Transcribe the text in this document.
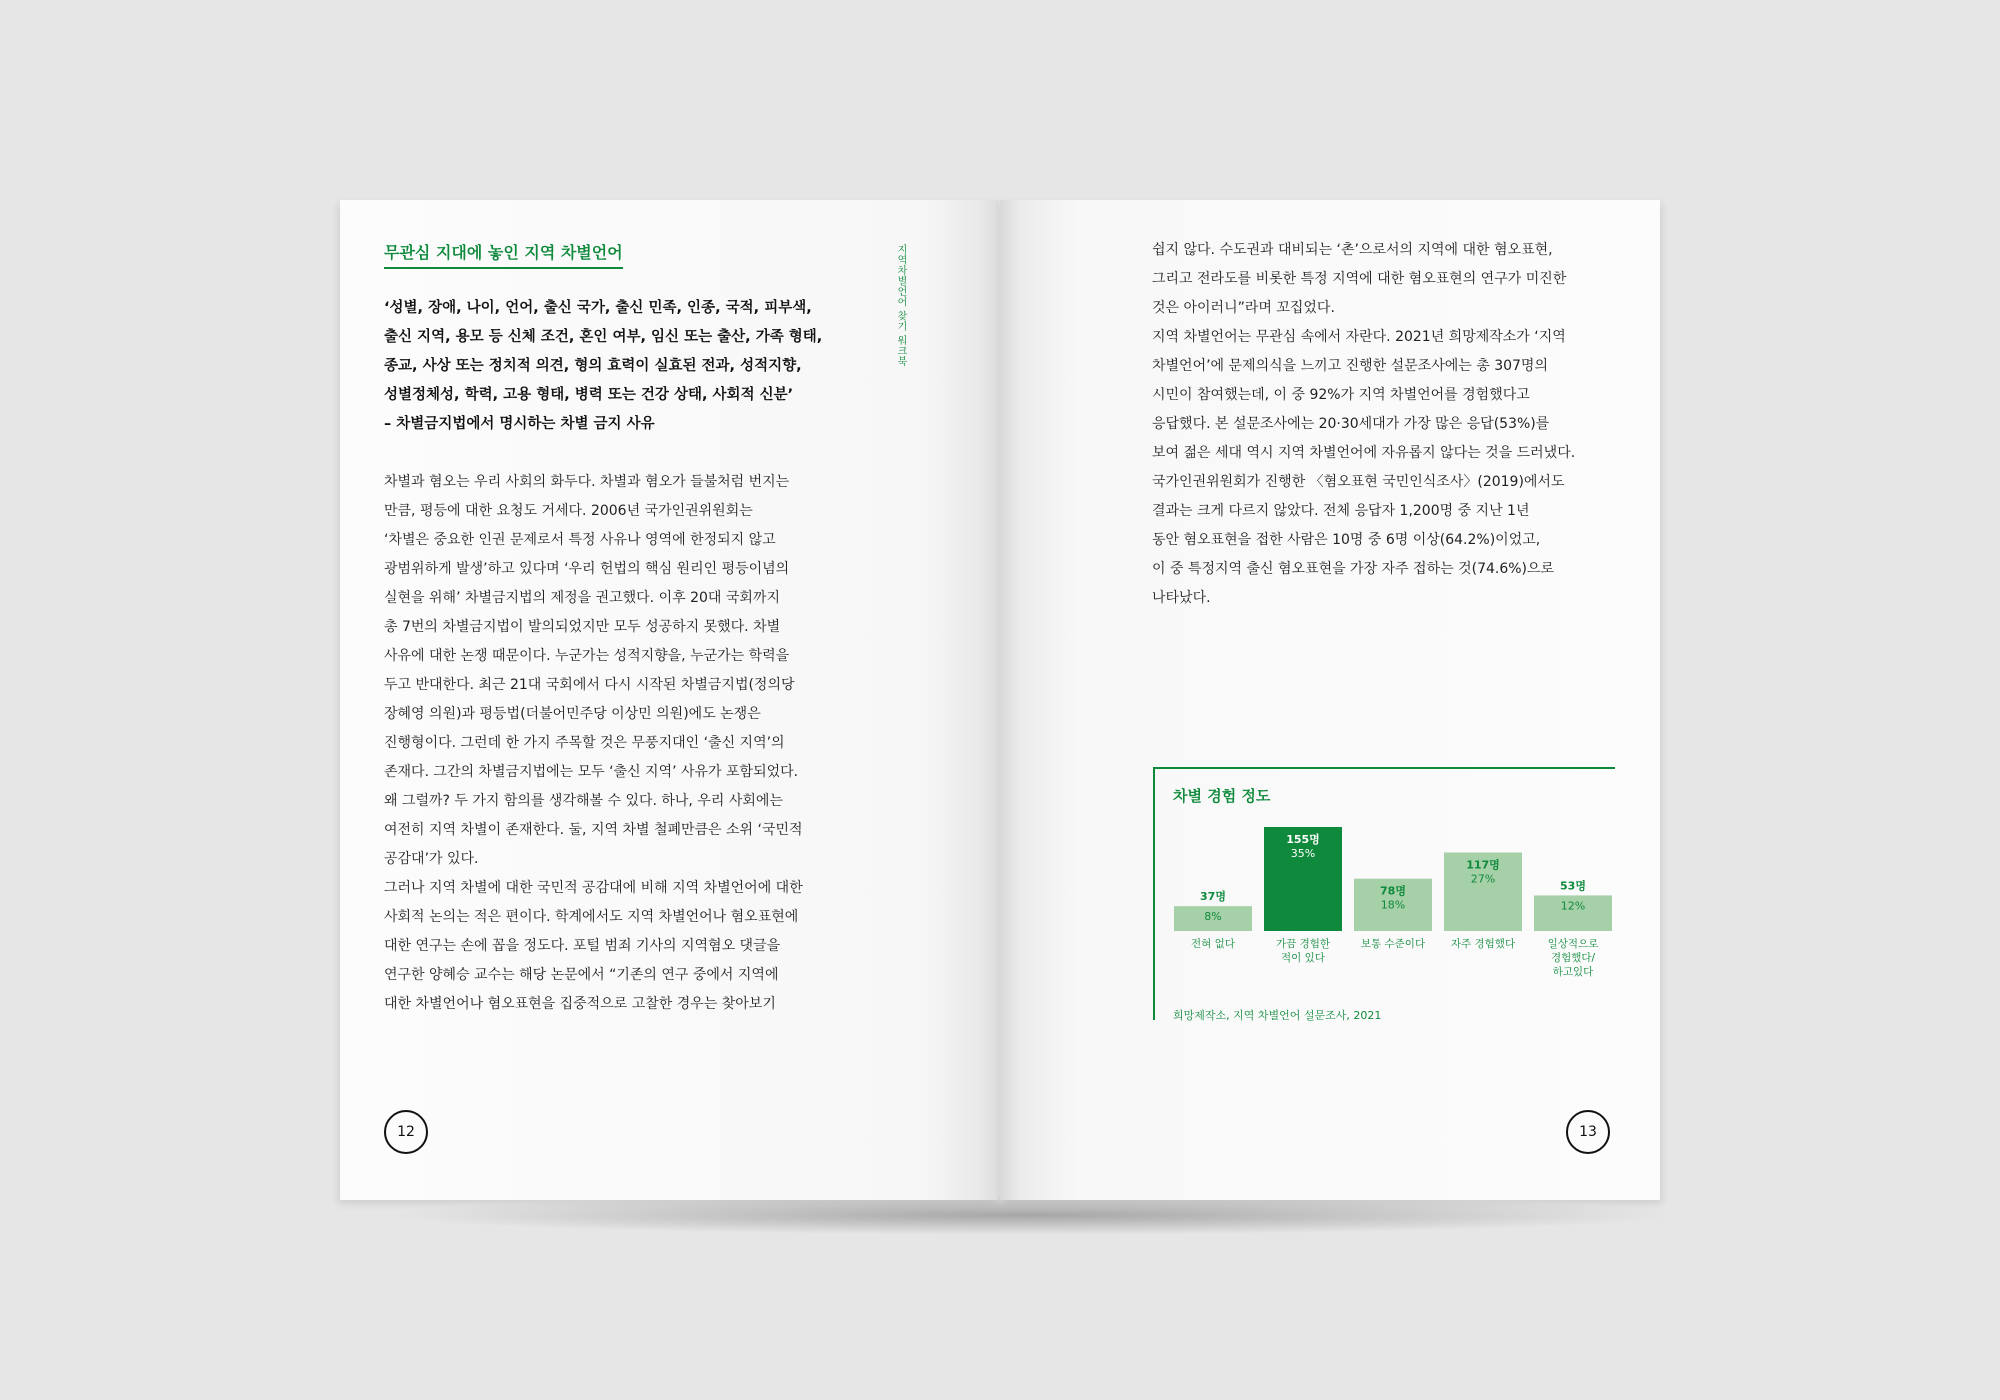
무관심 지대에 놓인 지역 차별언어	지역차별언어 찾기 워크북
‘성별, 장애, 나이, 언어, 출신 국가, 출신 민족, 인종, 국적, 피부색,
출신 지역, 용모 등 신체 조건, 혼인 여부, 임신 또는 출산, 가족 형태,
종교, 사상 또는 정치적 의견, 형의 효력이 실효된 전과, 성적지향,
성별정체성, 학력, 고용 형태, 병력 또는 건강 상태, 사회적 신분’
– 차별금지법에서 명시하는 차별 금지 사유
차별과 혐오는 우리 사회의 화두다. 차별과 혐오가 들불처럼 번지는
만큼, 평등에 대한 요청도 거세다. 2006년 국가인권위원회는
‘차별은 중요한 인권 문제로서 특정 사유나 영역에 한정되지 않고
광범위하게 발생’하고 있다며 ‘우리 헌법의 핵심 원리인 평등이념의
실현을 위해’ 차별금지법의 제정을 권고했다. 이후 20대 국회까지
총 7번의 차별금지법이 발의되었지만 모두 성공하지 못했다. 차별
사유에 대한 논쟁 때문이다. 누군가는 성적지향을, 누군가는 학력을
두고 반대한다. 최근 21대 국회에서 다시 시작된 차별금지법(정의당
장혜영 의원)과 평등법(더불어민주당 이상민 의원)에도 논쟁은
진행형이다. 그런데 한 가지 주목할 것은 무풍지대인 ‘출신 지역’의
존재다. 그간의 차별금지법에는 모두 ‘출신 지역’ 사유가 포함되었다.
왜 그럴까? 두 가지 함의를 생각해볼 수 있다. 하나, 우리 사회에는
여전히 지역 차별이 존재한다. 둘, 지역 차별 철폐만큼은 소위 ‘국민적
공감대’가 있다.
그러나 지역 차별에 대한 국민적 공감대에 비해 지역 차별언어에 대한
사회적 논의는 적은 편이다. 학계에서도 지역 차별언어나 혐오표현에
대한 연구는 손에 꼽을 정도다. 포털 범죄 기사의 지역혐오 댓글을
연구한 양혜승 교수는 해당 논문에서 “기존의 연구 중에서 지역에
대한 차별언어나 혐오표현을 집중적으로 고찰한 경우는 찾아보기
12
쉽지 않다. 수도권과 대비되는 ‘촌’으로서의 지역에 대한 혐오표현,
그리고 전라도를 비롯한 특정 지역에 대한 혐오표현의 연구가 미진한
것은 아이러니”라며 꼬집었다.
지역 차별언어는 무관심 속에서 자란다. 2021년 희망제작소가 ‘지역
차별언어’에 문제의식을 느끼고 진행한 설문조사에는 총 307명의
시민이 참여했는데, 이 중 92%가 지역 차별언어를 경험했다고
응답했다. 본 설문조사에는 20·30세대가 가장 많은 응답(53%)를
보여 젊은 세대 역시 지역 차별언어에 자유롭지 않다는 것을 드러냈다.
국가인권위원회가 진행한 〈혐오표현 국민인식조사〉(2019)에서도
결과는 크게 다르지 않았다. 전체 응답자 1,200명 중 지난 1년
동안 혐오표현을 접한 사람은 10명 중 6명 이상(64.2%)이었고,
이 중 특정지역 출신 혐오표현을 가장 자주 접하는 것(74.6%)으로
나타났다.
차별 경험 정도
37명
8%
전혀 없다
155명
35%
가끔 경험한
적이 있다
78명
18%
보통 수준이다
117명
27%
자주 경험했다
53명
12%
일상적으로
경험했다/
하고있다
희망제작소, 지역 차별언어 설문조사, 2021
13
